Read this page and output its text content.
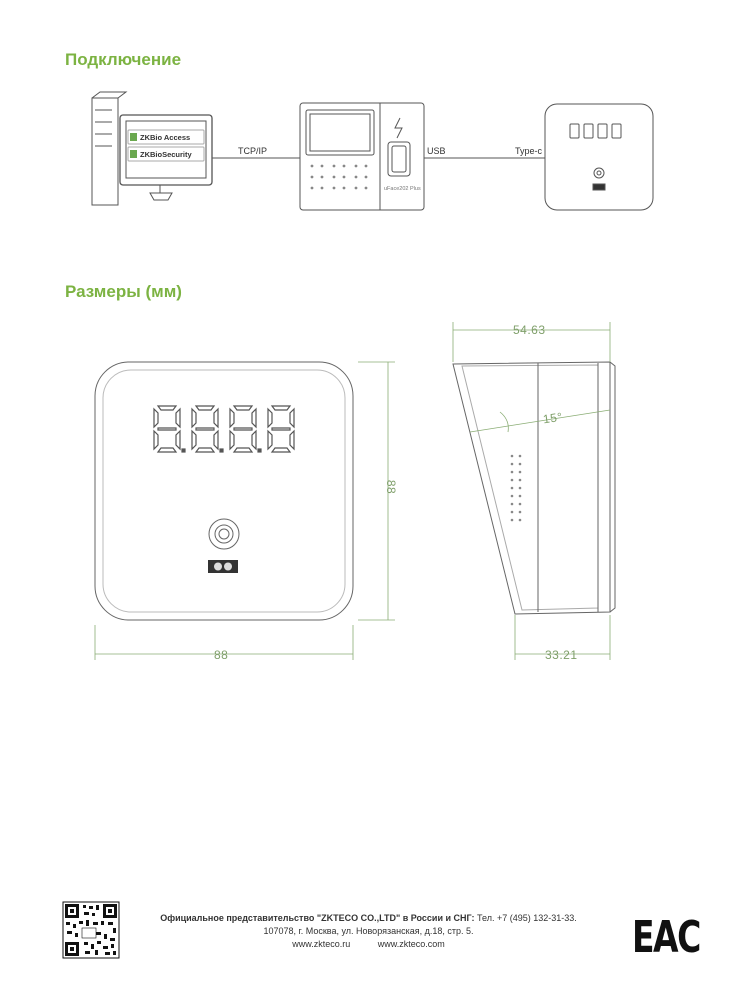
Подключение
Размеры (мм)
ZKBio Access
ZKBioSecurity	TCP/IP	USB	Type-c
uFace202 Plus
88
88
54.63
33.21
15°
Официальное представительство "ZKTECO CO.,LTD" в России и СНГ: Тел. +7 (495) 132-31-33.
107078, г. Москва, ул. Новорязанская, д.18, стр. 5.
www.zkteco.ru	www.zkteco.com	EAC
